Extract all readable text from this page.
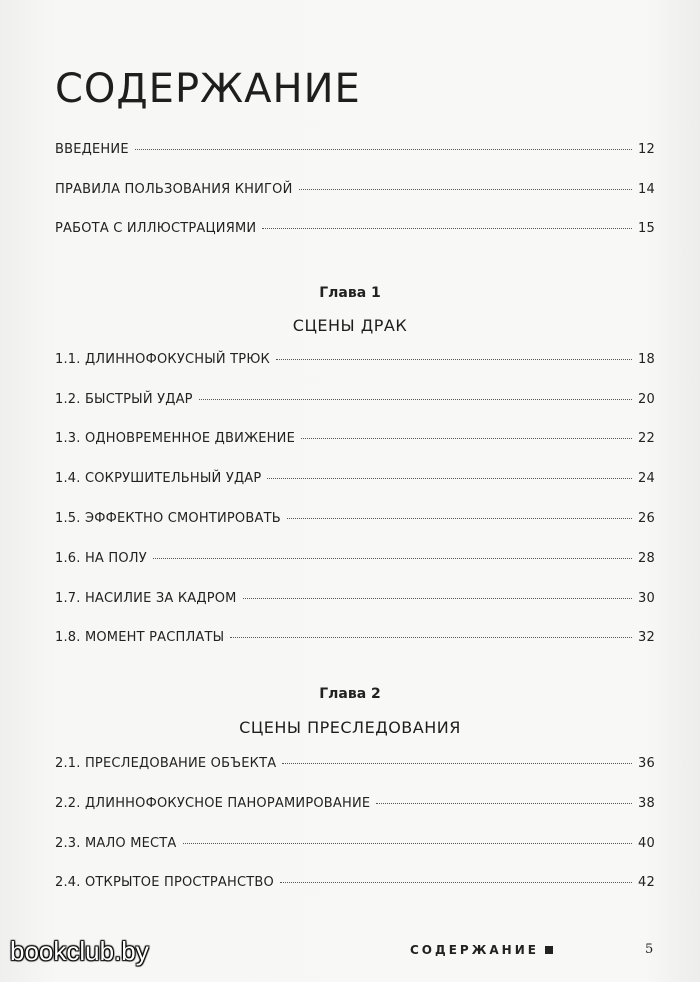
СОДЕРЖАНИЕ
ВВЕДЕНИЕ	12
ПРАВИЛА ПОЛЬЗОВАНИЯ КНИГОЙ	14
РАБОТА С ИЛЛЮСТРАЦИЯМИ	15
Глава 1
СЦЕНЫ ДРАК
1.1. ДЛИННОФОКУСНЫЙ ТРЮК	18
1.2. БЫСТРЫЙ УДАР	20
1.3. ОДНОВРЕМЕННОЕ ДВИЖЕНИЕ	22
1.4. СОКРУШИТЕЛЬНЫЙ УДАР	24
1.5. ЭФФЕКТНО СМОНТИРОВАТЬ	26
1.6. НА ПОЛУ	28
1.7. НАСИЛИЕ ЗА КАДРОМ	30
1.8. МОМЕНТ РАСПЛАТЫ	32
Глава 2
СЦЕНЫ ПРЕСЛЕДОВАНИЯ
2.1. ПРЕСЛЕДОВАНИЕ ОБЪЕКТА	36
2.2. ДЛИННОФОКУСНОЕ ПАНОРАМИРОВАНИЕ	38
2.3. МАЛО МЕСТА	40
2.4. ОТКРЫТОЕ ПРОСТРАНСТВО	42
СОДЕРЖАНИЕ	5
bookclub.by
